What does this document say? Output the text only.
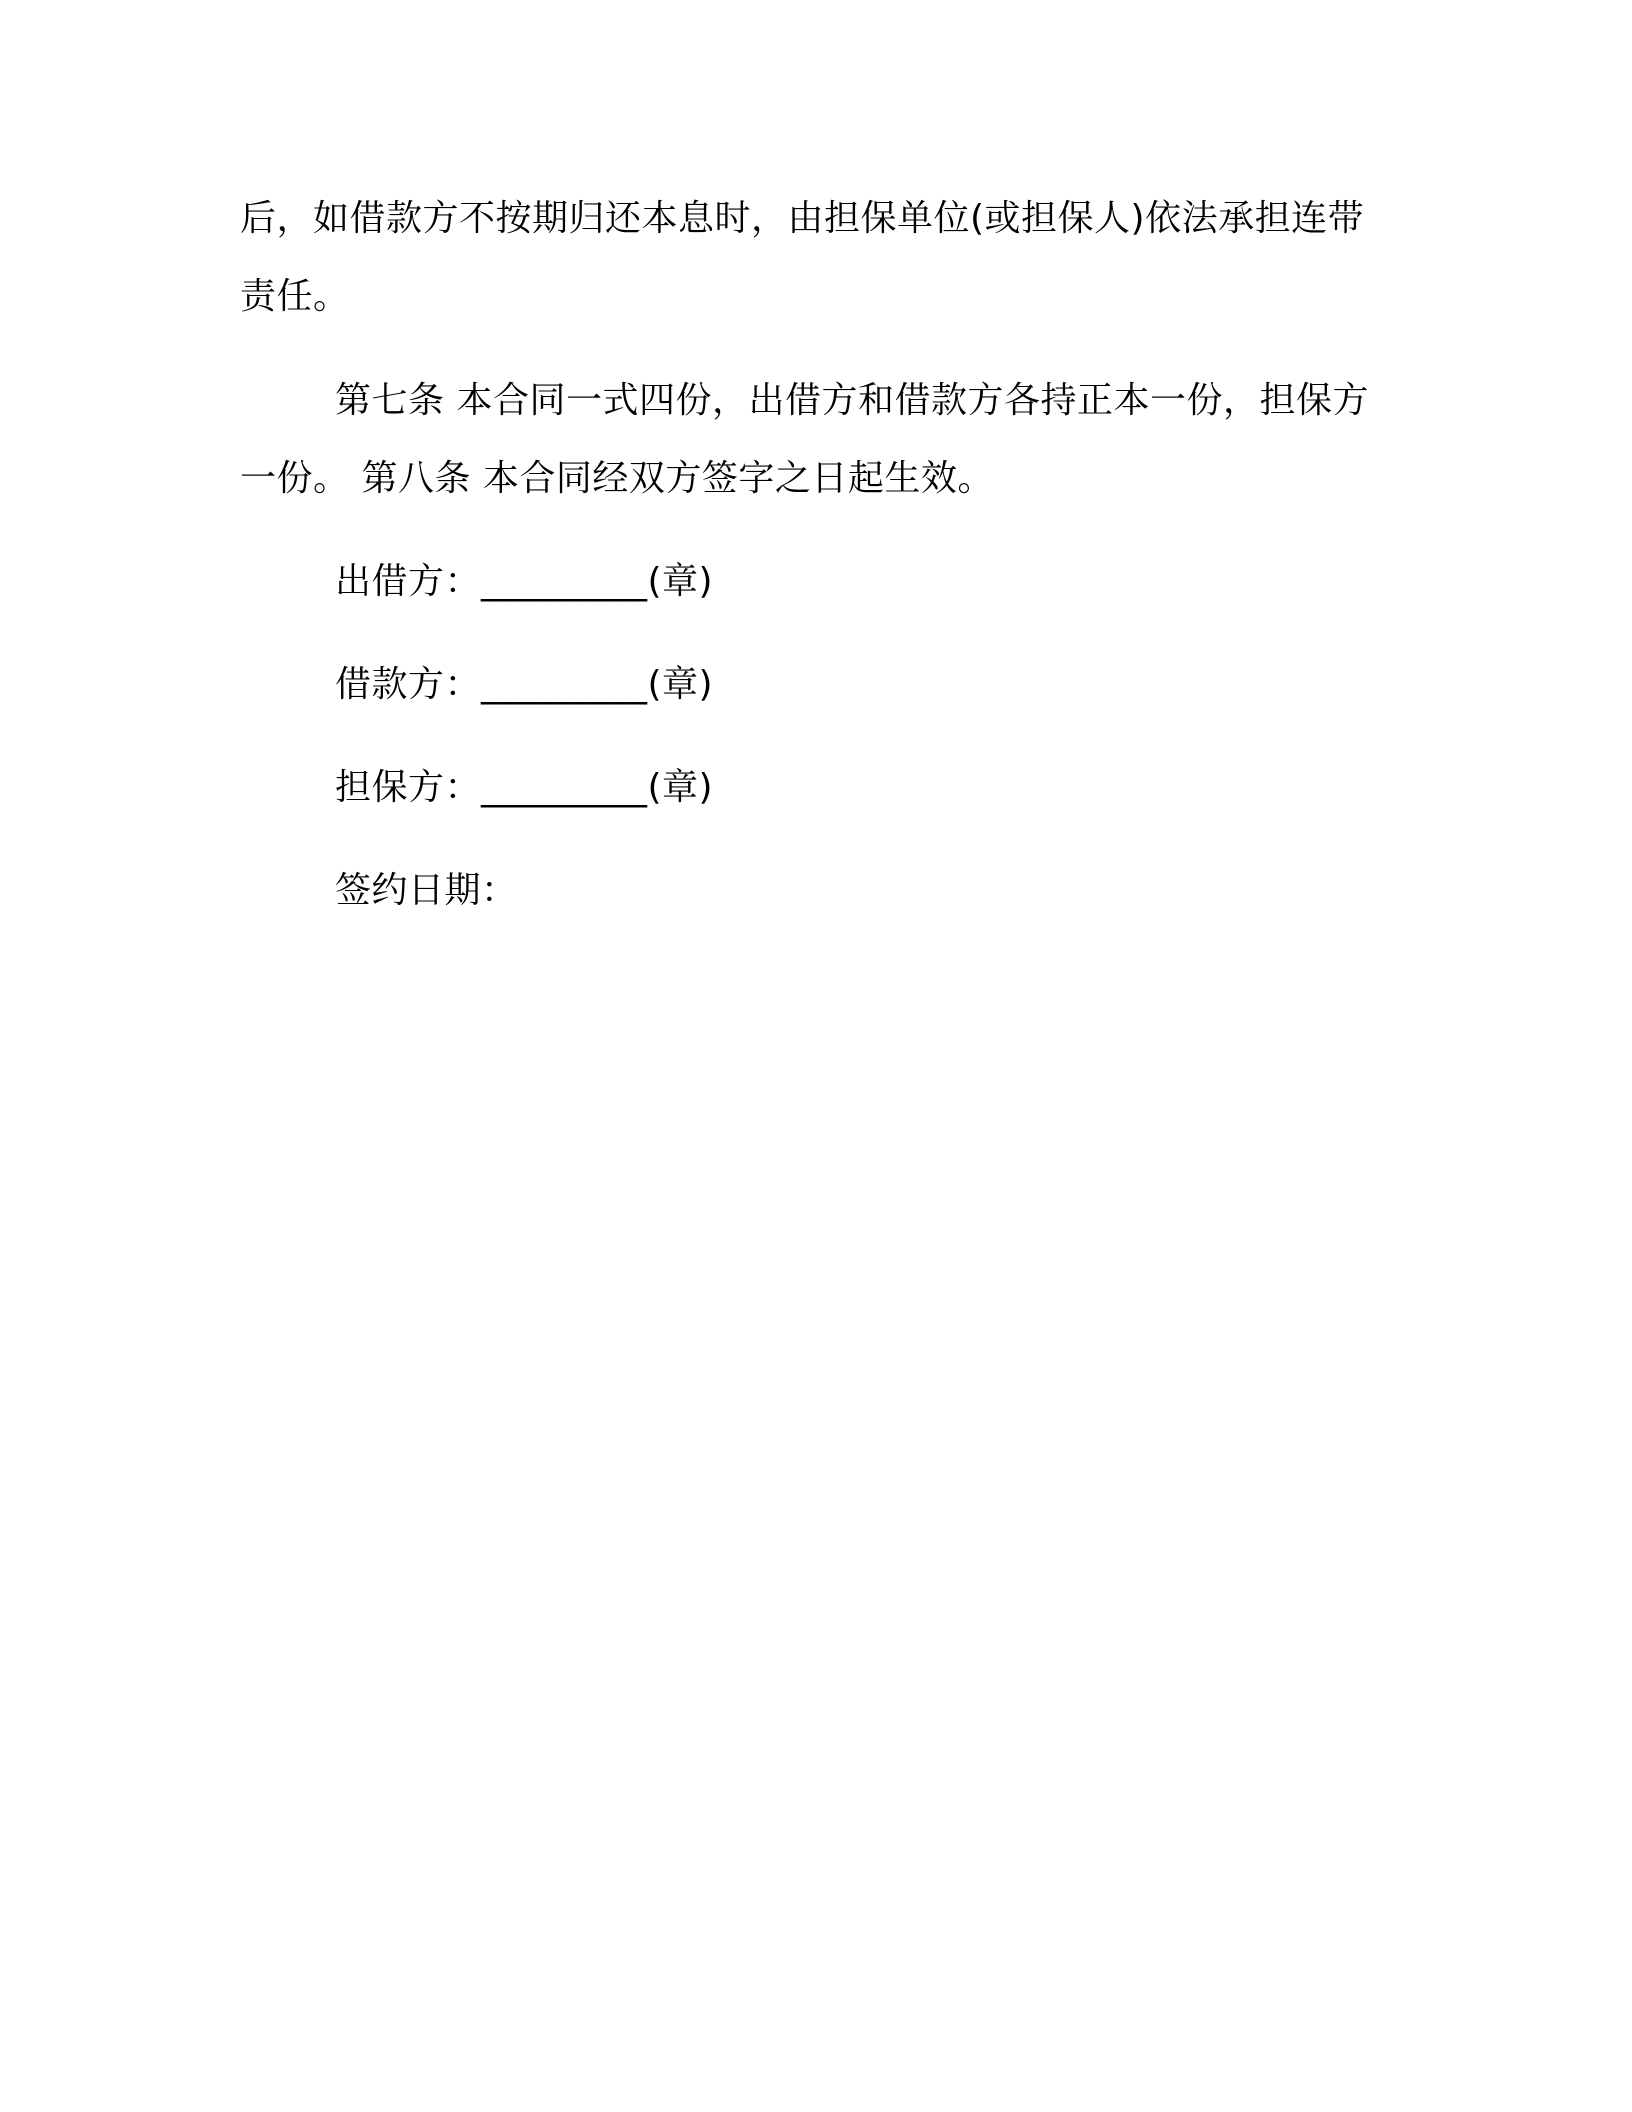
后，如借款方不按期归还本息时，由担保单位(或担保人)依法承担连带
责任。
第七条 本合同一式四份，出借方和借款方各持正本一份，担保方
一份。 第八条 本合同经双方签字之日起生效。
出借方：_________(章)
借款方：_________(章)
担保方：_________(章)
签约日期：
